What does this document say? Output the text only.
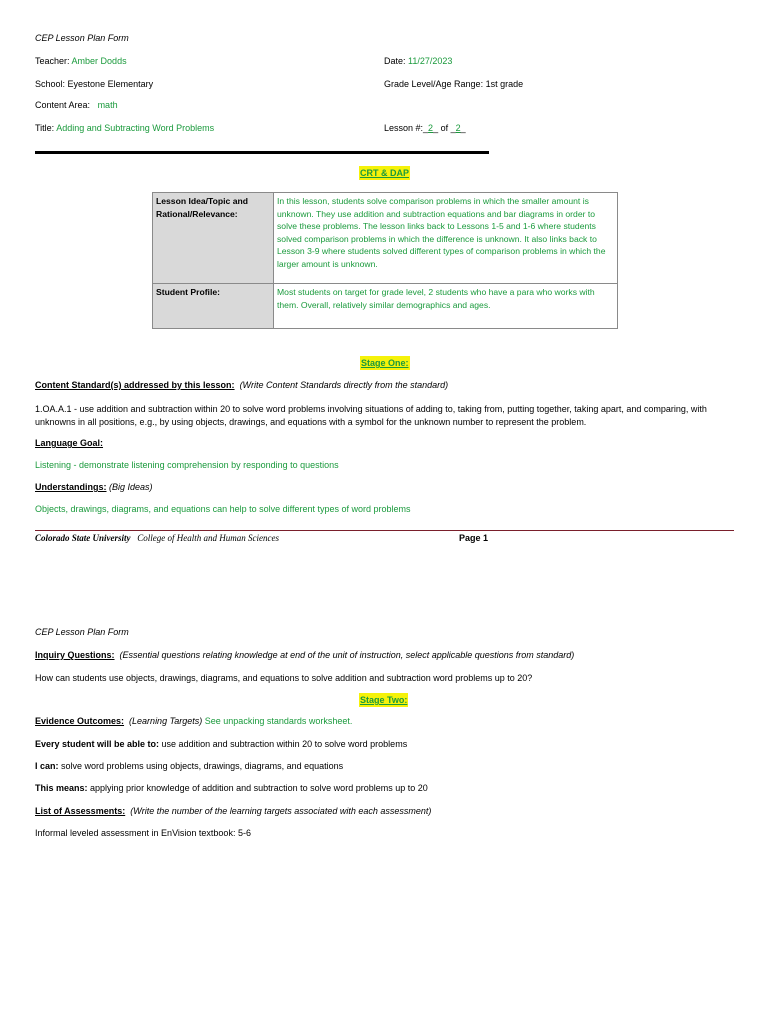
CEP Lesson Plan Form
Teacher: Amber Dodds	Date: 11/27/2023
School: Eyestone Elementary	Grade Level/Age Range: 1st grade
Content Area: math
Title: Adding and Subtracting Word Problems	Lesson #:_2_ of _2_
CRT & DAP
Lesson Idea/Topic and Rational/Relevance:	In this lesson, students solve comparison problems in which the smaller amount is unknown. They use addition and subtraction equations and bar diagrams in order to solve these problems. The lesson links back to Lessons 1-5 and 1-6 where students solved comparison problems in which the difference is unknown. It also links back to Lesson 3-9 where students solved different types of comparison problems in which the larger amount is unknown.
Student Profile:	Most students on target for grade level, 2 students who have a para who works with them. Overall, relatively similar demographics and ages.
Stage One:
Content Standard(s) addressed by this lesson: (Write Content Standards directly from the standard)
1.OA.A.1 - use addition and subtraction within 20 to solve word problems involving situations of adding to, taking from, putting together, taking apart, and comparing, with unknowns in all positions, e.g., by using objects, drawings, and equations with a symbol for the unknown number to represent the problem.
Language Goal:
Listening - demonstrate listening comprehension by responding to questions
Understandings: (Big Ideas)
Objects, drawings, diagrams, and equations can help to solve different types of word problems
Colorado State University College of Health and Human Sciences	Page 1
CEP Lesson Plan Form
Inquiry Questions: (Essential questions relating knowledge at end of the unit of instruction, select applicable questions from standard)
How can students use objects, drawings, diagrams, and equations to solve addition and subtraction word problems up to 20?
Stage Two:
Evidence Outcomes: (Learning Targets) See unpacking standards worksheet.
Every student will be able to: use addition and subtraction within 20 to solve word problems
I can: solve word problems using objects, drawings, diagrams, and equations
This means: applying prior knowledge of addition and subtraction to solve word problems up to 20
List of Assessments: (Write the number of the learning targets associated with each assessment)
Informal leveled assessment in EnVision textbook: 5-6
